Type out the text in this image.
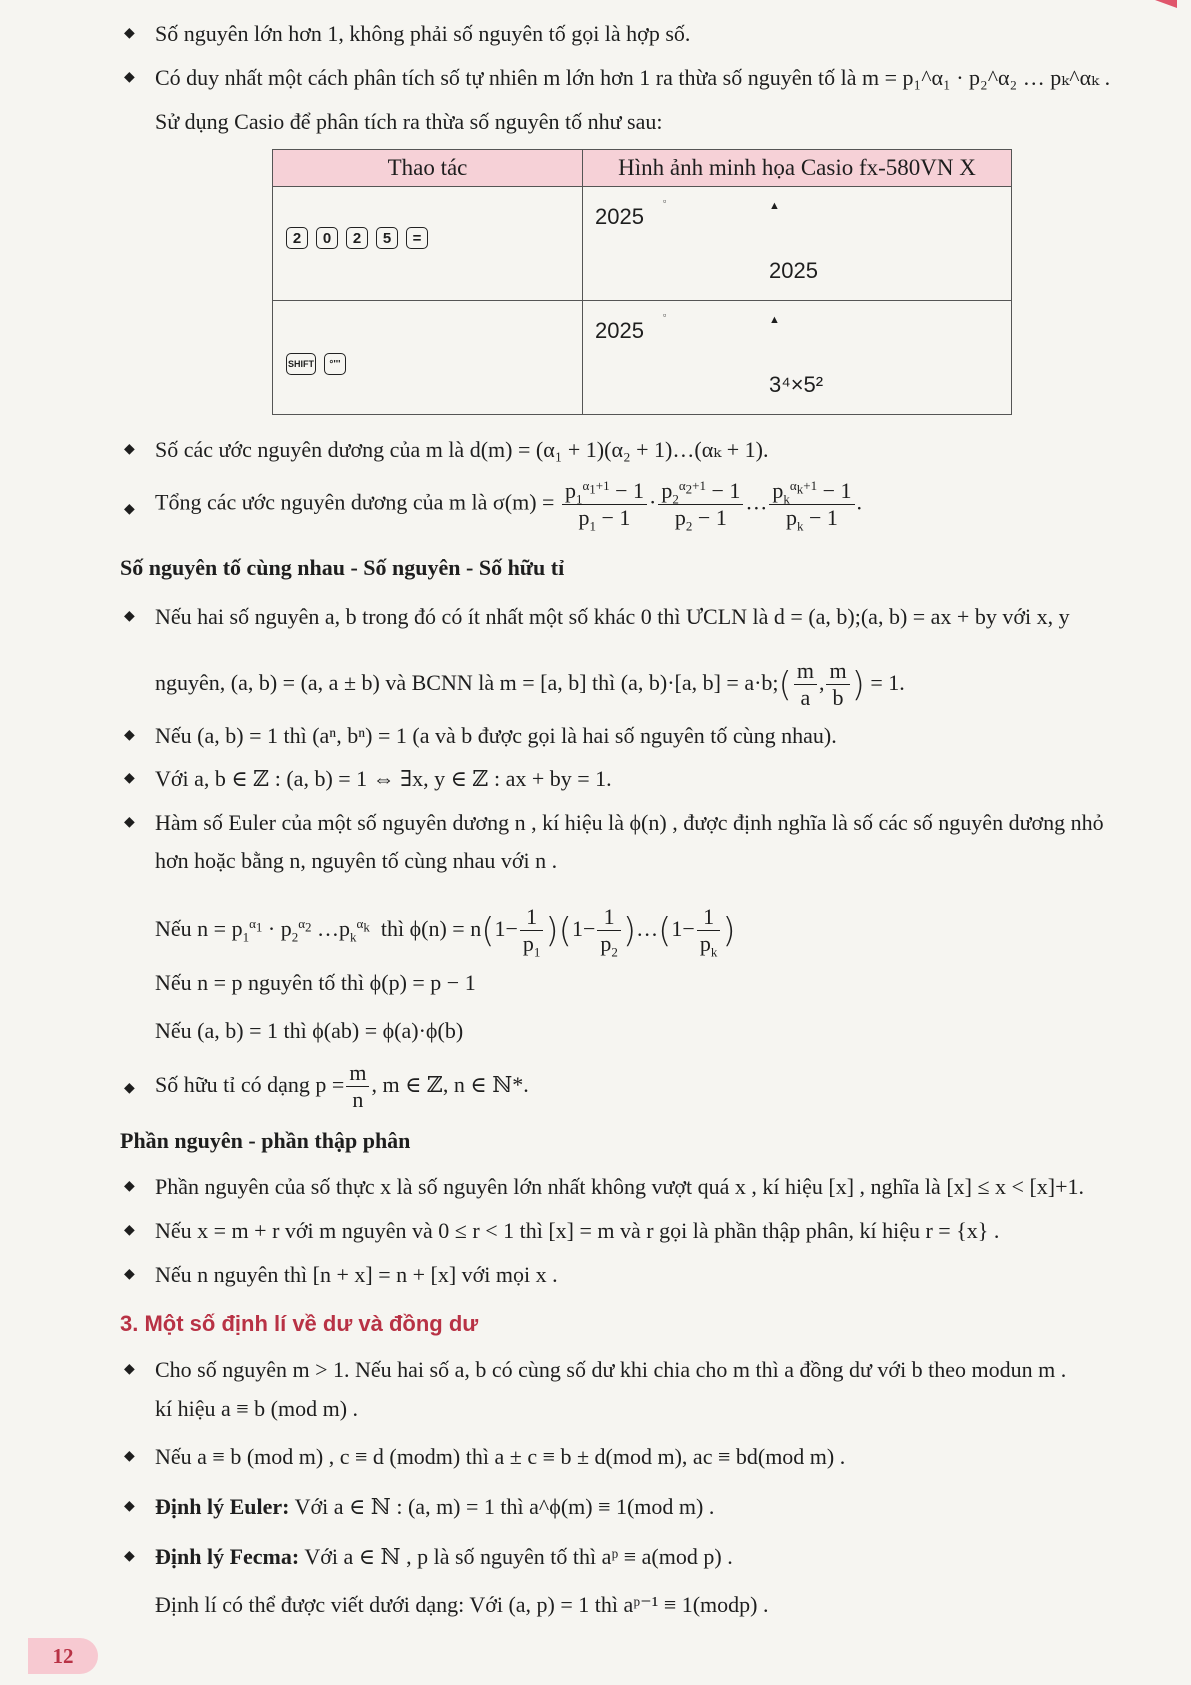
◆ Số nguyên lớn hơn 1, không phải số nguyên tố gọi là hợp số.
◆ Có duy nhất một cách phân tích số tự nhiên m lớn hơn 1 ra thừa số nguyên tố là m = p₁^α₁ · p₂^α₂ … pₖ^αₖ .
Sử dụng Casio để phân tích ra thừa số nguyên tố như sau:
Thao tác	Hình ảnh minh họa Casio fx-580VN X

2 0 2 5 =	2025
▫ ▲
2025

SHIFT °'''	2025
▫ ▲
3⁴×5²
◆ Số các ước nguyên dương của m là d(m) = (α₁ + 1)(α₂ + 1)…(αₖ + 1).
◆ Tổng các ước nguyên dương của m là $\sigma(m) = \frac{p_1^{\alpha_1+1} - 1}{p_1 - 1} \cdot \frac{p_2^{\alpha_2+1} - 1}{p_2 - 1}$ … $\frac{p_k^{\alpha_k+1} - 1}{p_k - 1}$ .
Số nguyên tố cùng nhau - Số nguyên - Số hữu tỉ
◆ Nếu hai số nguyên a, b trong đó có ít nhất một số khác 0 thì ƯCLN là d = (a, b);(a, b) = ax + by với x, y
nguyên, (a, b) = (a, a ± b) và BCNN là m = [a, b] thì (a, b)·[a, b] = a·b;( $\frac{m}{a}$ , $\frac{m}{b}$ ) = 1.
◆ Nếu (a, b) = 1 thì (aⁿ, bⁿ) = 1 (a và b được gọi là hai số nguyên tố cùng nhau).
◆ Với a, b ∈ ℤ : (a, b) = 1 ⇔ ∃x, y ∈ ℤ : ax + by = 1.
◆ Hàm số Euler của một số nguyên dương n , kí hiệu là ϕ(n) , được định nghĩa là số các số nguyên dương nhỏ
hơn hoặc bằng n, nguyên tố cùng nhau với n .
Nếu $n = p_1^{\alpha_1} \cdot p_2^{\alpha_2}$ $\dots p_k^{\alpha_k}$ thì $\phi(n) = n(1- \frac{1}{p_1} )(1- \frac{1}{p_2}$ )…(1− $\frac{1}{p_k}$ )
Nếu n = p nguyên tố thì ϕ(p) = p − 1
Nếu (a, b) = 1 thì ϕ(ab) = ϕ(a)·ϕ(b)
◆ Số hữu tỉ có dạng $p = \frac{m}{n}$ , m ∈ ℤ, n ∈ ℕ*.
Phần nguyên - phần thập phân
◆ Phần nguyên của số thực x là số nguyên lớn nhất không vượt quá x , kí hiệu [x] , nghĩa là [x] ≤ x < [x]+1.
◆ Nếu x = m + r với m nguyên và 0 ≤ r < 1 thì [x] = m và r gọi là phần thập phân, kí hiệu r = {x} .
◆ Nếu n nguyên thì [n + x] = n + [x] với mọi x .
3. Một số định lí về dư và đồng dư
◆ Cho số nguyên m > 1. Nếu hai số a, b có cùng số dư khi chia cho m thì a đồng dư với b theo modun m .
kí hiệu a ≡ b (mod m) .
◆ Nếu a ≡ b (mod m) , c ≡ d (modm) thì a ± c ≡ b ± d(mod m), ac ≡ bd(mod m) .
◆ Định lý Euler: Với a ∈ ℕ : (a, m) = 1 thì a^ϕ(m) ≡ 1(mod m) .
◆ Định lý Fecma: Với a ∈ ℕ , p là số nguyên tố thì aᵖ ≡ a(mod p) .
Định lí có thể được viết dưới dạng: Với (a, p) = 1 thì aᵖ⁻¹ ≡ 1(modp) .
12
